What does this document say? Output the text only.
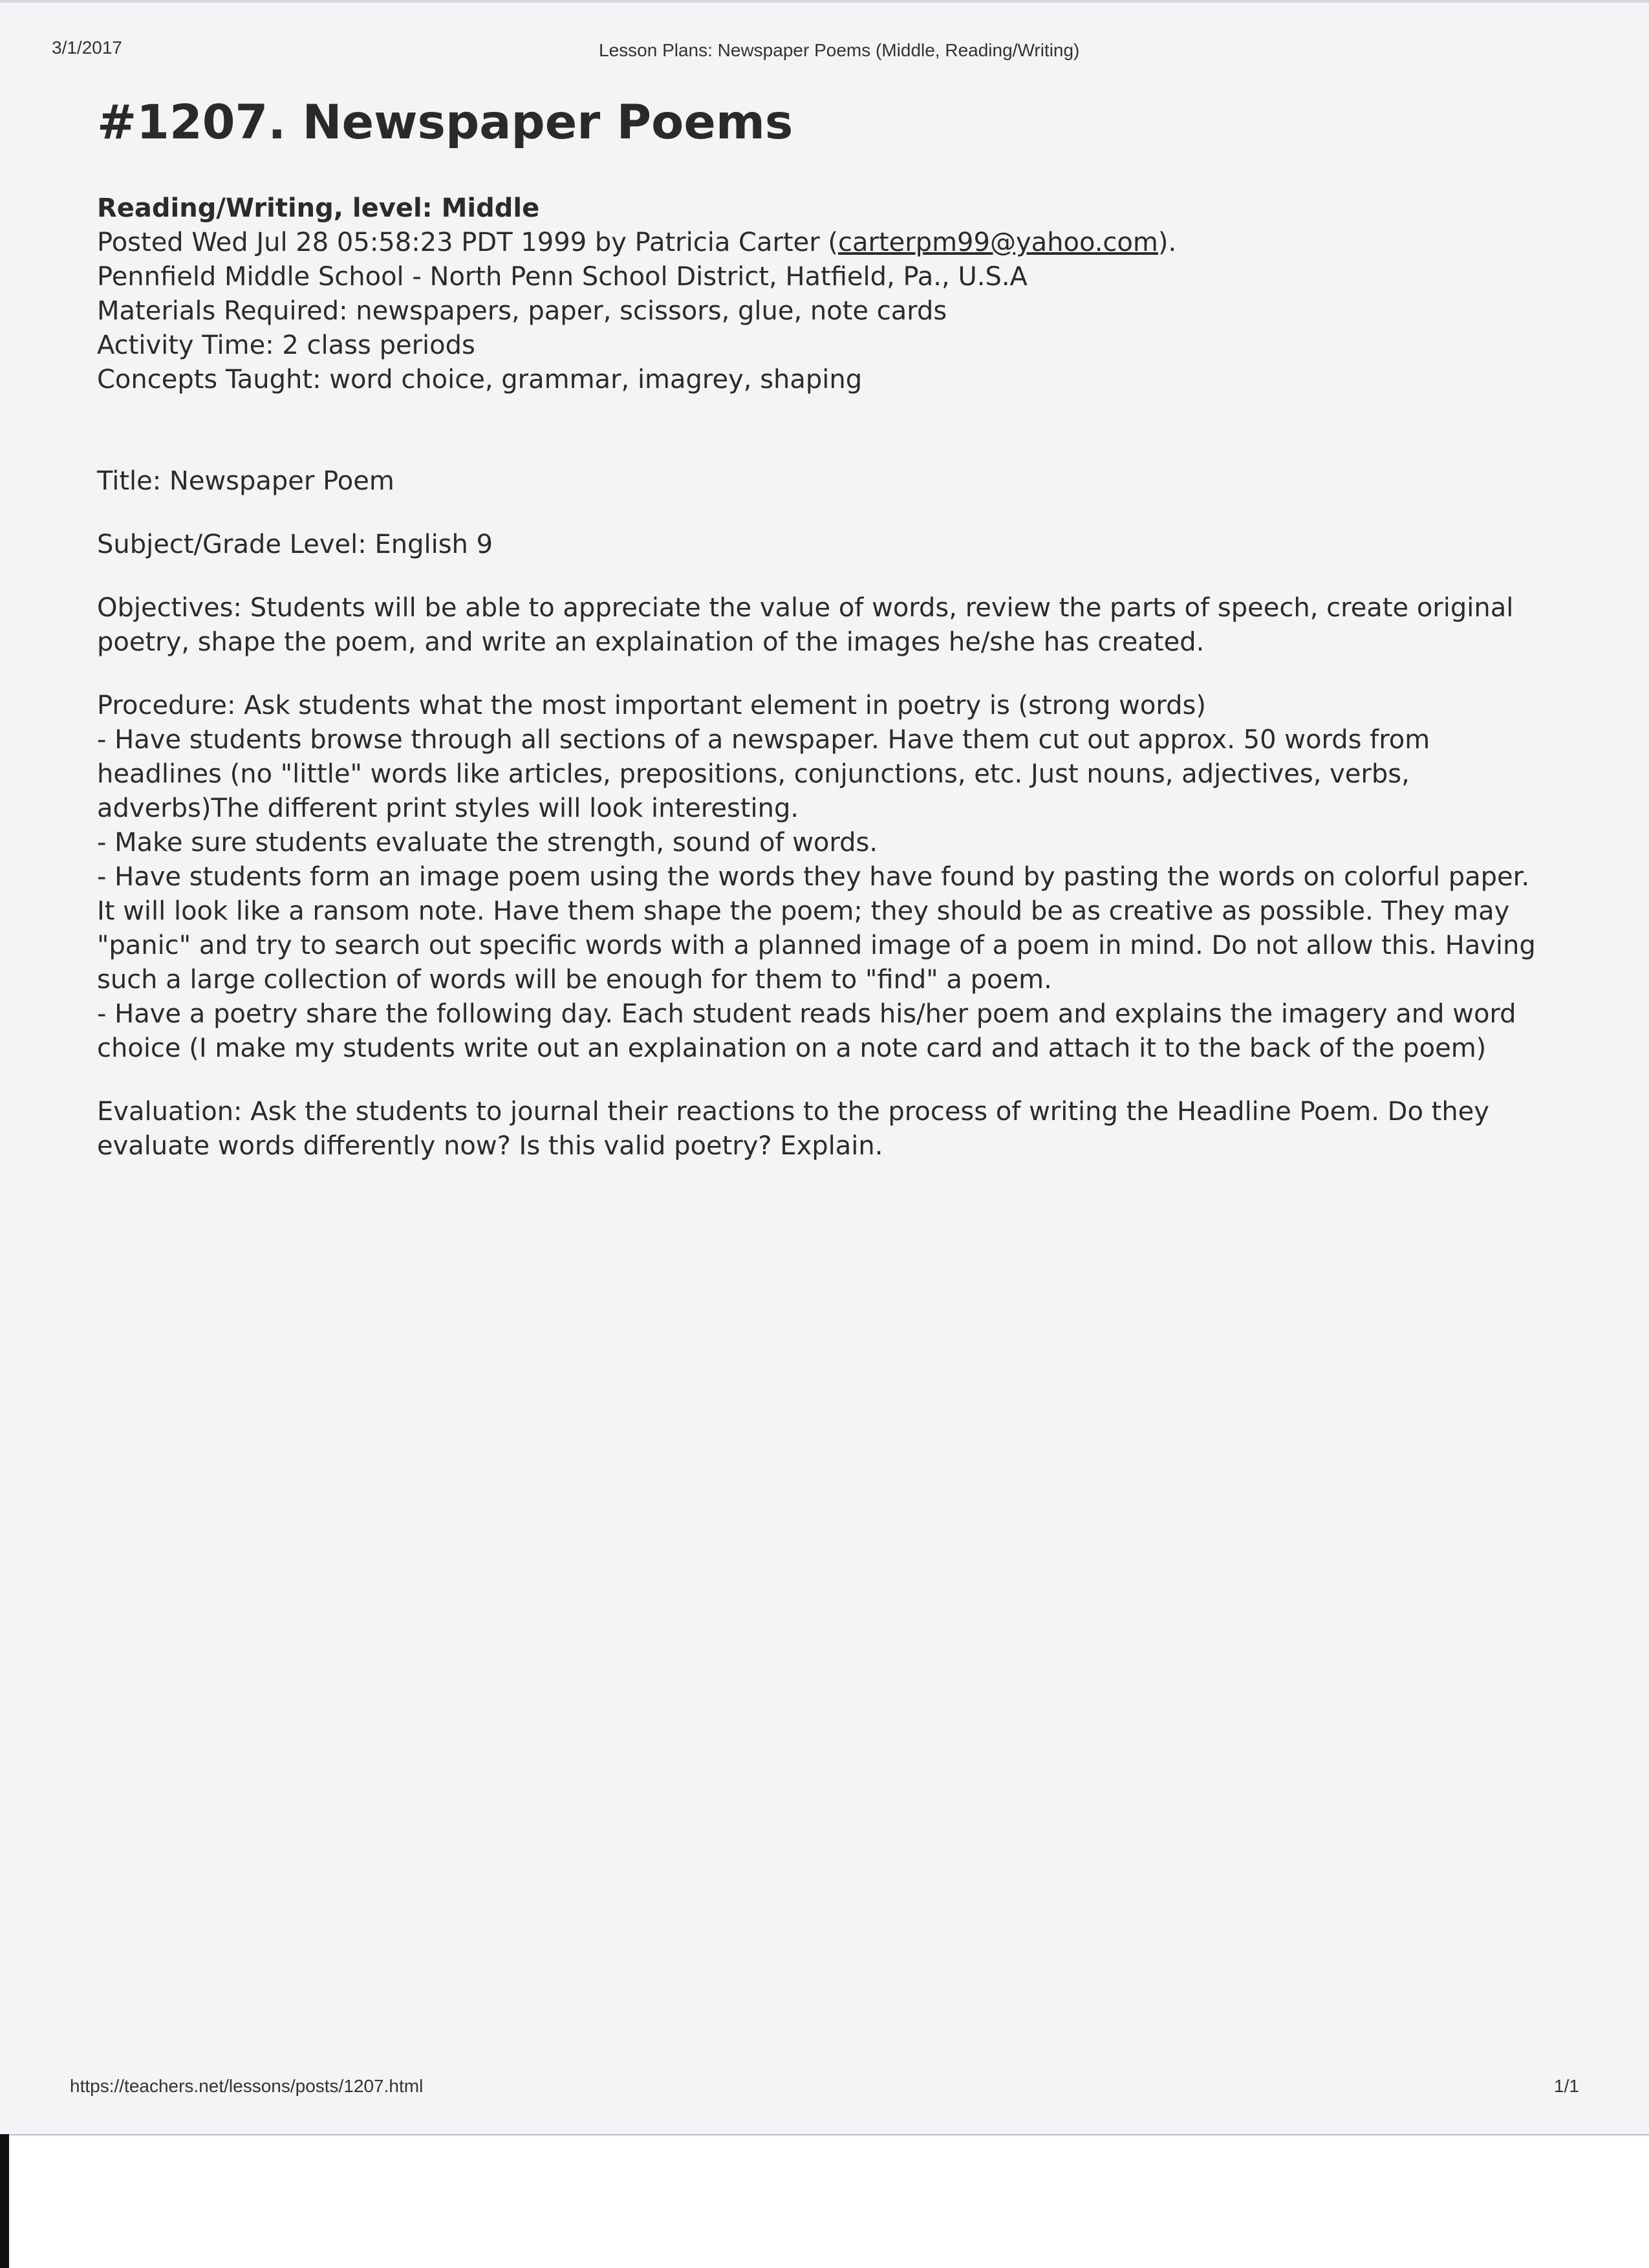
3/1/2017	Lesson Plans: Newspaper Poems (Middle, Reading/Writing)
#1207. Newspaper Poems
Reading/Writing, level: Middle
Posted Wed Jul 28 05:58:23 PDT 1999 by Patricia Carter (carterpm99@yahoo.com).
Pennfield Middle School - North Penn School District, Hatfield, Pa., U.S.A
Materials Required: newspapers, paper, scissors, glue, note cards
Activity Time: 2 class periods
Concepts Taught: word choice, grammar, imagrey, shaping

Title: Newspaper Poem

Subject/Grade Level: English 9

Objectives: Students will be able to appreciate the value of words, review the parts of speech, create original
poetry, shape the poem, and write an explaination of the images he/she has created.

Procedure: Ask students what the most important element in poetry is (strong words)
- Have students browse through all sections of a newspaper. Have them cut out approx. 50 words from
headlines (no "little" words like articles, prepositions, conjunctions, etc. Just nouns, adjectives, verbs,
adverbs)The different print styles will look interesting.
- Make sure students evaluate the strength, sound of words.
- Have students form an image poem using the words they have found by pasting the words on colorful paper.
It will look like a ransom note. Have them shape the poem; they should be as creative as possible. They may
"panic" and try to search out specific words with a planned image of a poem in mind. Do not allow this. Having
such a large collection of words will be enough for them to "find" a poem.
- Have a poetry share the following day. Each student reads his/her poem and explains the imagery and word
choice (I make my students write out an explaination on a note card and attach it to the back of the poem)

Evaluation: Ask the students to journal their reactions to the process of writing the Headline Poem. Do they
evaluate words differently now? Is this valid poetry? Explain.

https://teachers.net/lessons/posts/1207.html	1/1
